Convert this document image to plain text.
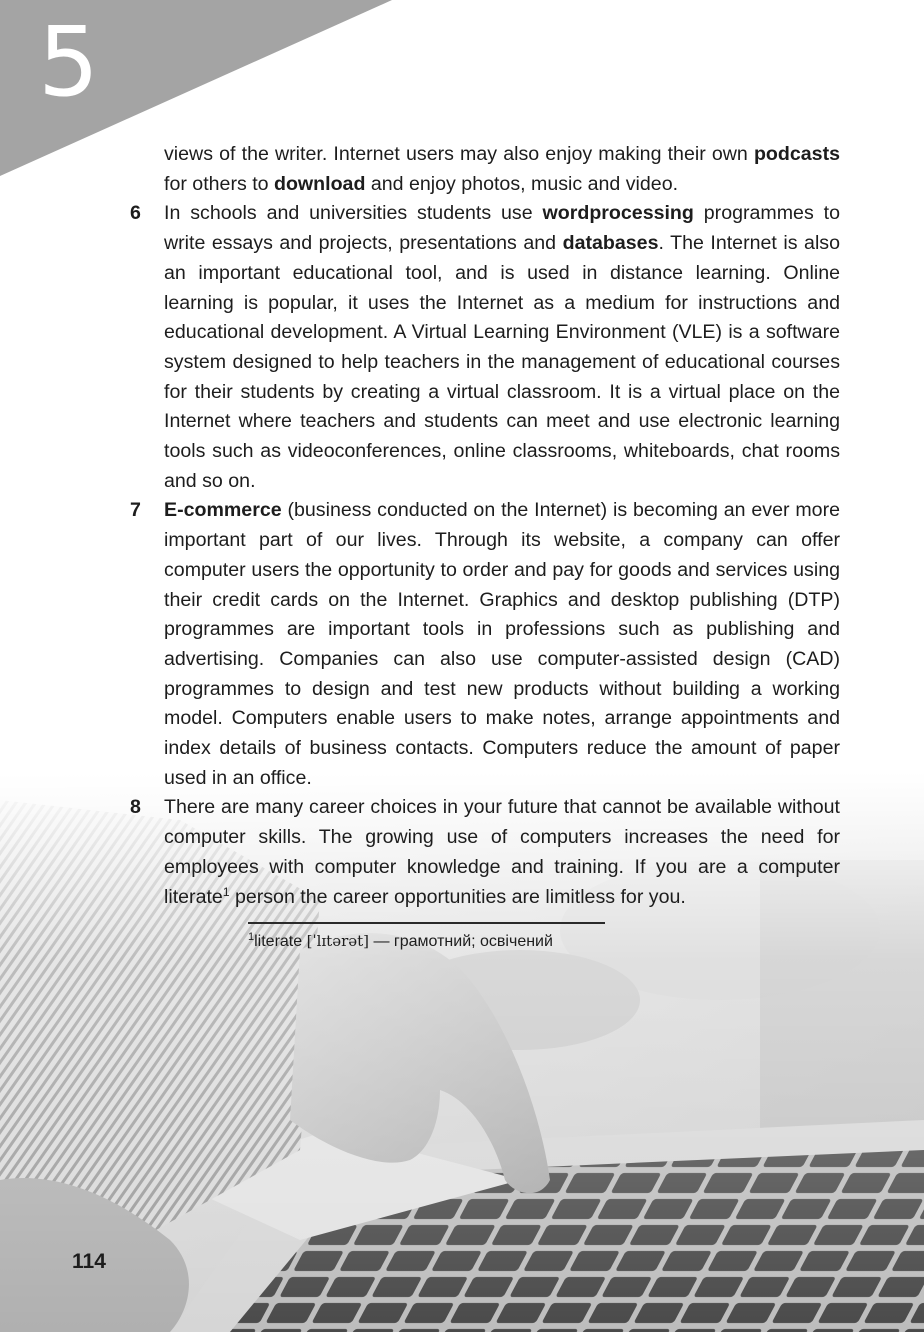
5

views of the writer. Internet users may also enjoy making their own podcasts for others to download and enjoy photos, music and video.

6 In schools and universities students use wordprocessing programmes to write essays and projects, presentations and databases. The Internet is also an important educational tool, and is used in distance learning. Online learning is popular, it uses the Internet as a medium for instructions and educational development. A Virtual Learning Environment (VLE) is a software system designed to help teachers in the management of educational courses for their students by creating a virtual classroom. It is a virtual place on the Internet where teachers and students can meet and use electronic learning tools such as videoconferences, online classrooms, whiteboards, chat rooms and so on.

7 E-commerce (business conducted on the Internet) is becoming an ever more important part of our lives. Through its website, a company can offer computer users the opportunity to order and pay for goods and services using their credit cards on the Internet. Graphics and desktop publishing (DTP) programmes are important tools in professions such as publishing and advertising. Companies can also use computer-assisted design (CAD) programmes to design and test new products without building a working model. Computers enable users to make notes, arrange appointments and index details of business contacts. Computers reduce the amount of paper used in an office.

8 There are many career choices in your future that cannot be available without computer skills. The growing use of computers increases the need for employees with computer knowledge and training. If you are a computer literate$^1$ person the career opportunities are limitless for you.

$^1$literate [ˈlɪtərət] — грамотний; освічений
114
